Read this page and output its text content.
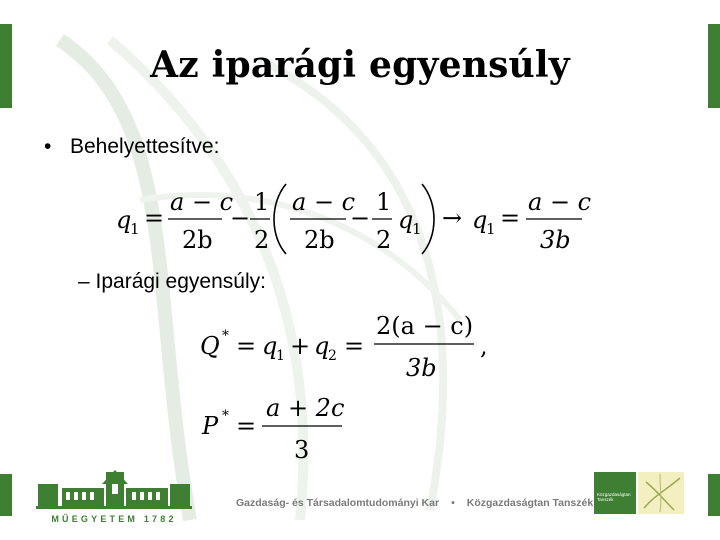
Az iparági egyensúly
• Behelyettesítve:
q
1 =
a − c
2b
−
1
2
a − c
2b
−
1
2
q
1 → q
1 =
a − c
3b
– Iparági egyensúly:
Q * = q
1 + q
2 =
2(a − c)
3b
,
P * =
a + 2c
3
MŰEGYETEM 1782
Gazdaság- és Társadalomtudományi Kar • Közgazdaságtan Tanszék
Közgazdaságtan Tanszék
